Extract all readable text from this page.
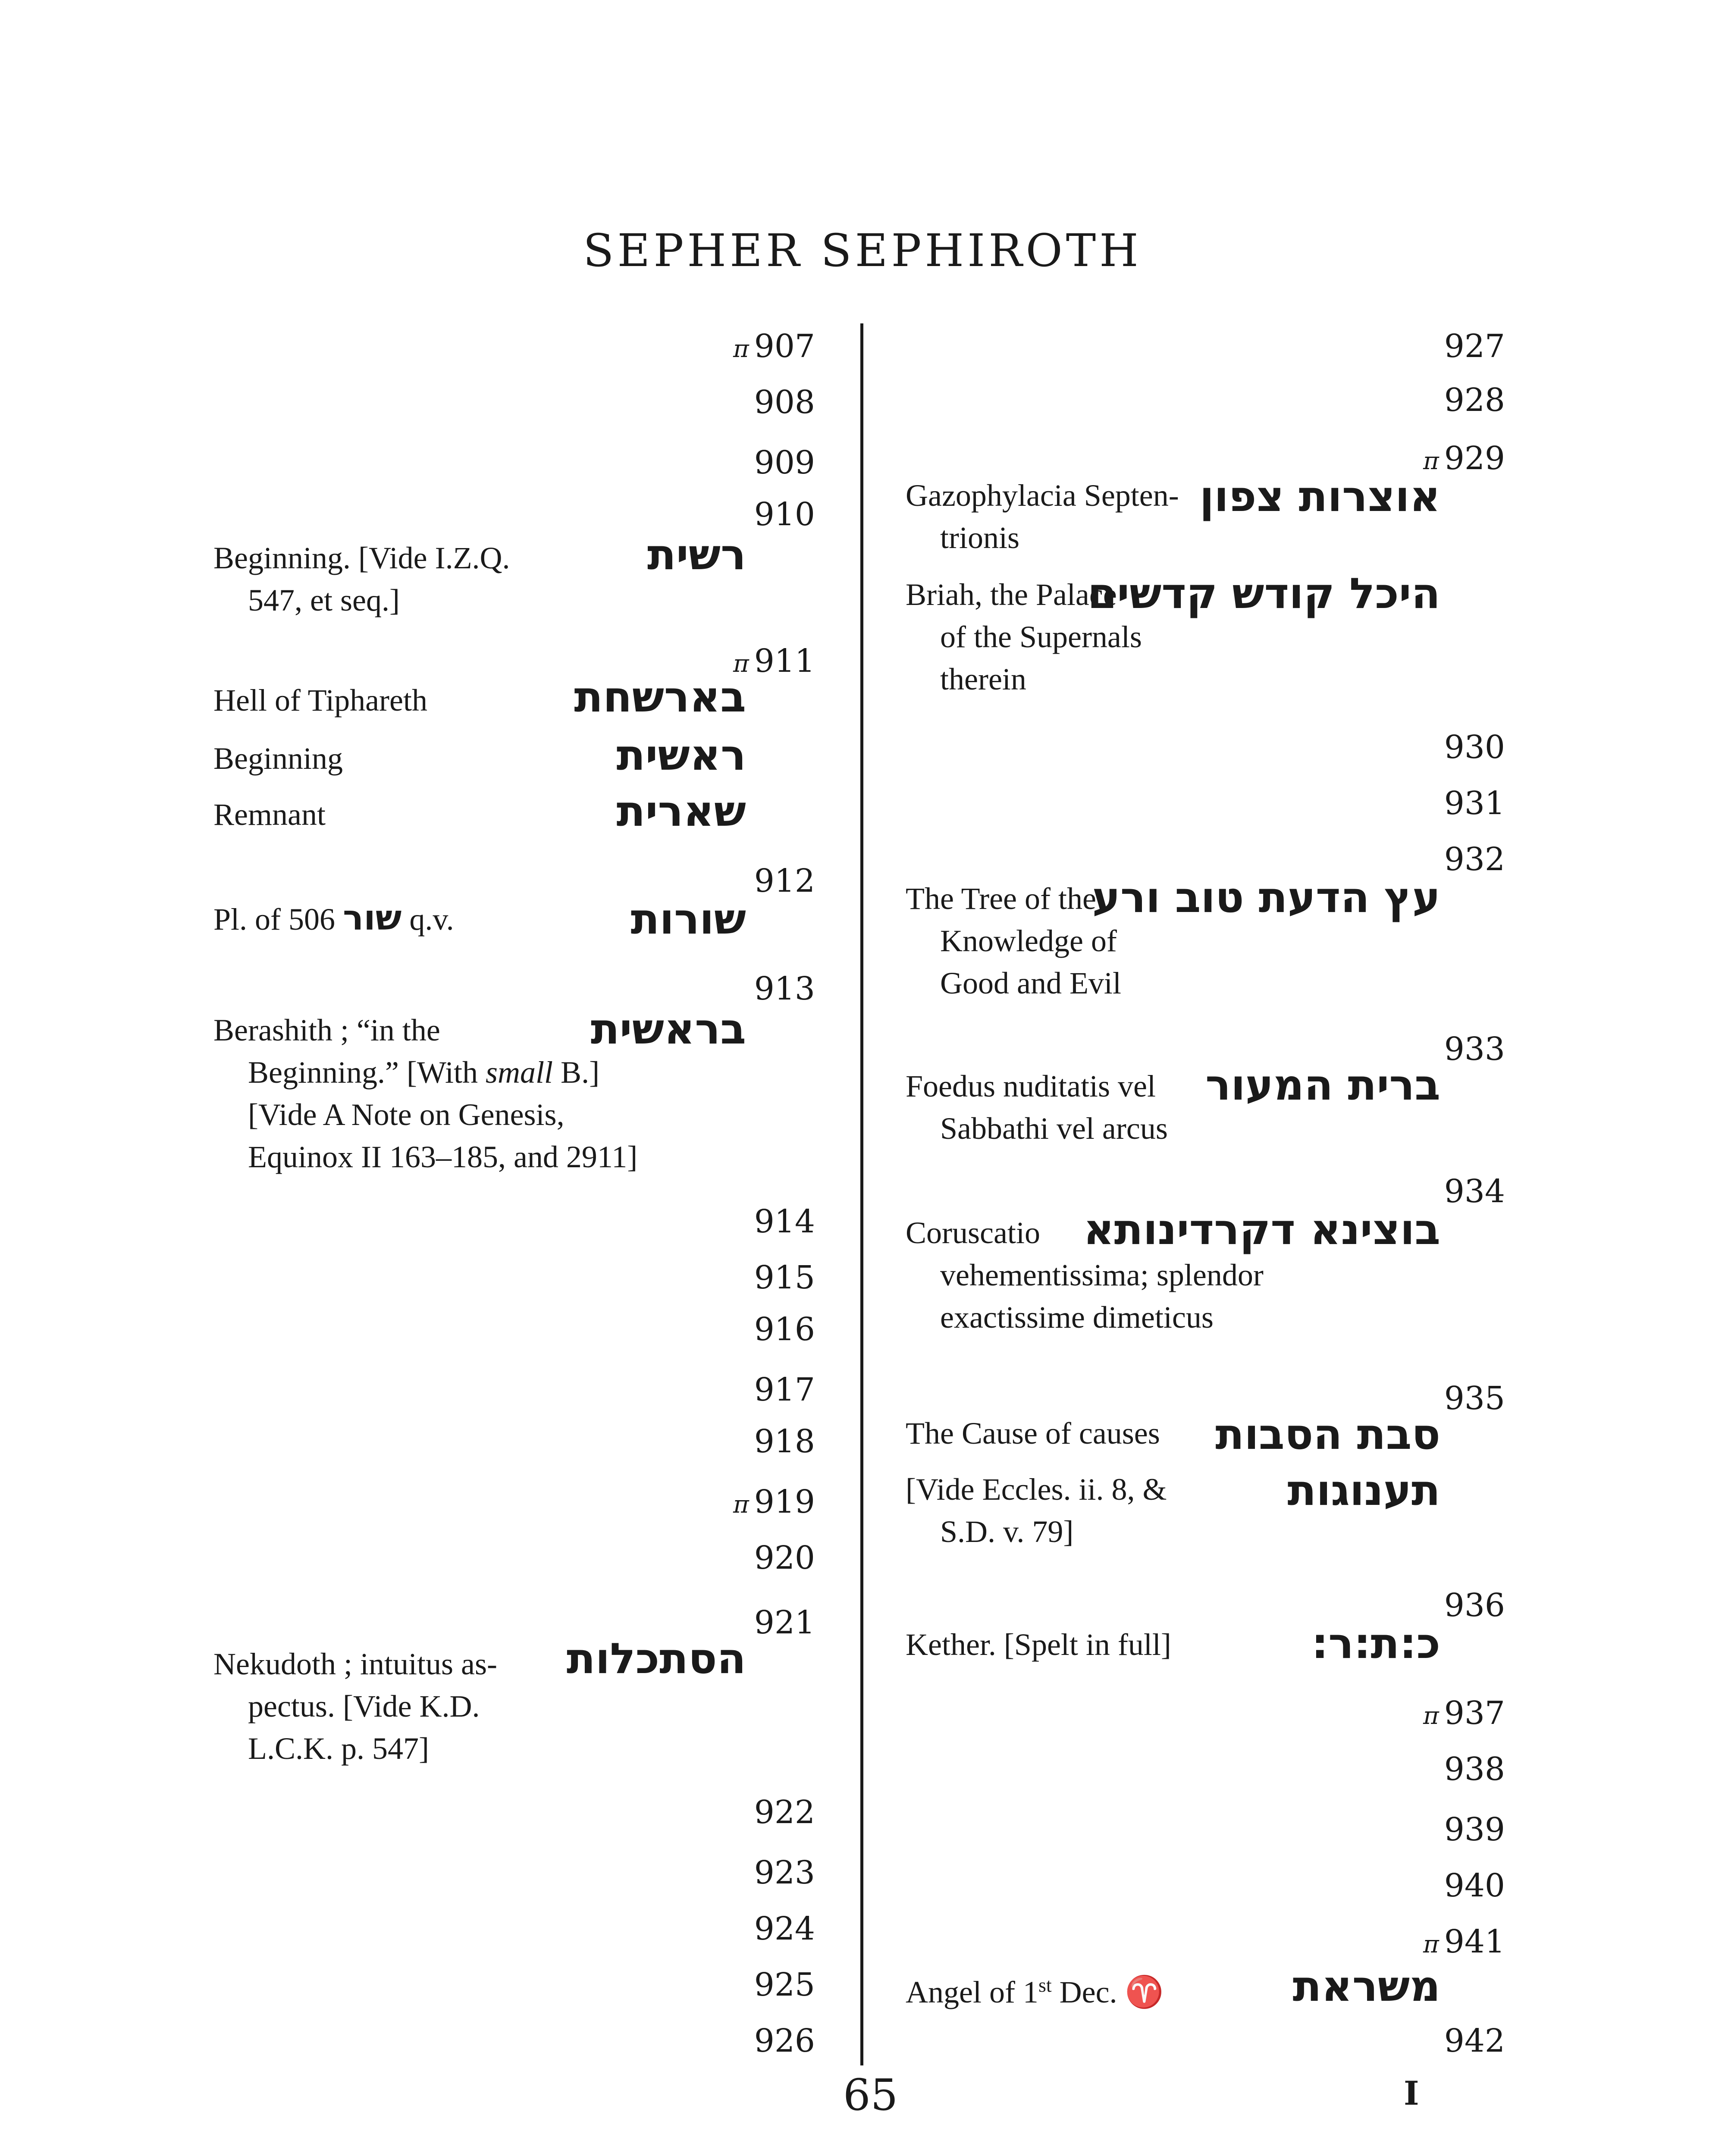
SEPHER SEPHIROTH
π 907
908
909
910
π 911
912
913
914
915
916
917
918
π 919
920
921
922
923
924
925
926
רשית
Beginning. [Vide I.Z.Q.
547, et seq.]
בארשחת
Hell of Tiphareth
ראשית
Beginning
שארית
Remnant
שורות
Pl. of 506 שור q.v.
בראשית
Berashith ; “in the
Beginning.” [With small B.]
[Vide A Note on Genesis,
Equinox II 163–185, and 2911]
הסתכלות
Nekudoth ; intuitus as-
pectus. [Vide K.D.
L.C.K. p. 547]
927
928
π 929
930
931
932
933
934
935
936
π 937
938
939
940
π 941
942
אוצרות צפון
Gazophylacia Septen-
trionis
היכל קודש קדשים
Briah, the Palace
of the Supernals
therein
עץ הדעת טוב ורע
The Tree of the
Knowledge of
Good and Evil
ברית המעור
Foedus nuditatis vel
Sabbathi vel arcus
בוצינא דקרדינותא
Coruscatio
vehementissima; splendor
exactissime dimeticus
סבת הסבות
The Cause of causes
תענוגות
[Vide Eccles. ii. 8, &
S.D. v. 79]
כ:ת:ר:
Kether. [Spelt in full]
משראת
Angel of 1st Dec. ♈
65	I
